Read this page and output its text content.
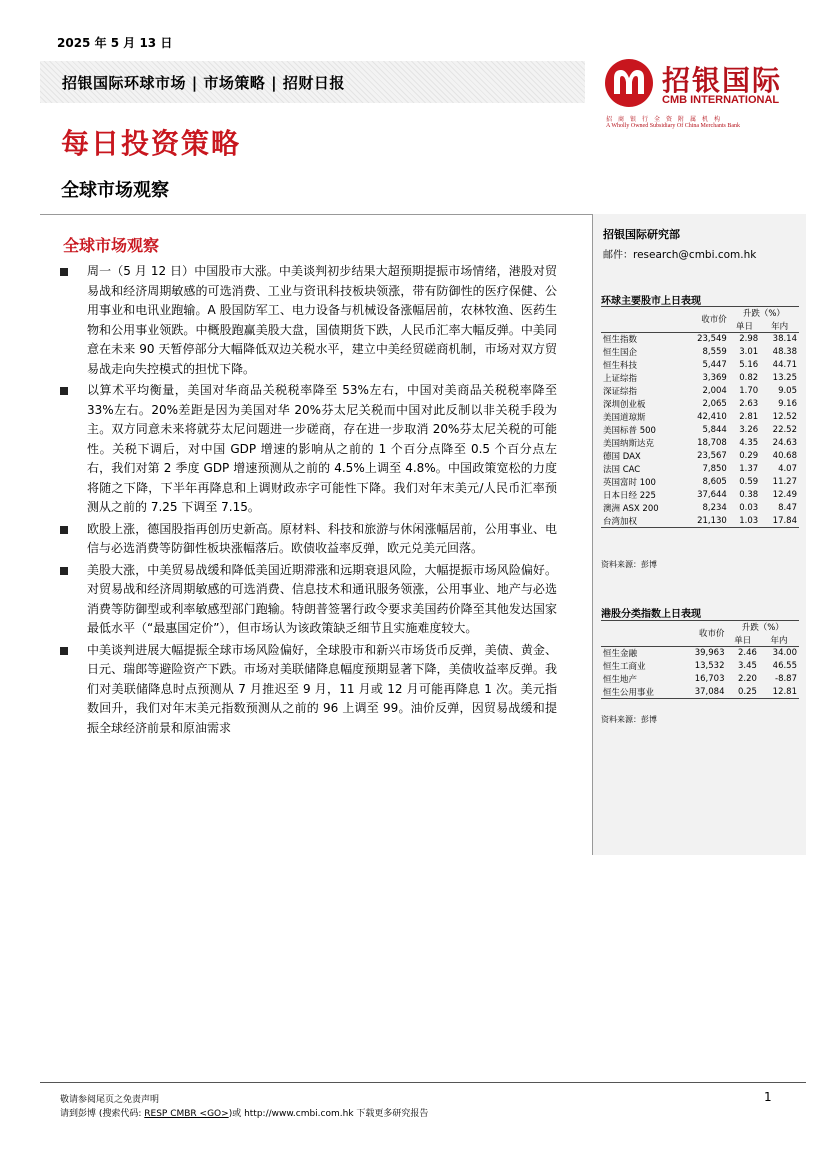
2025 年 5 月 13 日
招银国际环球市场 | 市场策略 | 招财日报	招银国际
CMB INTERNATIONAL
招商银行全资附属机构
A Wholly Owned Subsidiary Of China Merchants Bank
每日投资策略
全球市场观察
全球市场观察
周一（5 月 12 日）中国股市大涨。中美谈判初步结果大超预期提振市场情绪，港股对贸易战和经济周期敏感的可选消费、工业与资讯科技板块领涨，带有防御性的医疗保健、公用事业和电讯业跑输。A 股国防军工、电力设备与机械设备涨幅居前，农林牧渔、医药生物和公用事业领跌。中概股跑赢美股大盘，国债期货下跌，人民币汇率大幅反弹。中美同意在未来 90 天暂停部分大幅降低双边关税水平，建立中美经贸磋商机制，市场对双方贸易战走向失控模式的担忧下降。
以算术平均衡量，美国对华商品关税税率降至 53%左右，中国对美商品关税税率降至 33%左右。20%差距是因为美国对华 20%芬太尼关税而中国对此反制以非关税手段为主。双方同意未来将就芬太尼问题进一步磋商，存在进一步取消 20%芬太尼关税的可能性。关税下调后，对中国 GDP 增速的影响从之前的 1 个百分点降至 0.5 个百分点左右，我们对第 2 季度 GDP 增速预测从之前的 4.5%上调至 4.8%。中国政策宽松的力度将随之下降，下半年再降息和上调财政赤字可能性下降。我们对年末美元/人民币汇率预测从之前的 7.25 下调至 7.15。
欧股上涨，德国股指再创历史新高。原材料、科技和旅游与休闲涨幅居前，公用事业、电信与必选消费等防御性板块涨幅落后。欧债收益率反弹，欧元兑美元回落。
美股大涨，中美贸易战缓和降低美国近期滞涨和远期衰退风险，大幅提振市场风险偏好。对贸易战和经济周期敏感的可选消费、信息技术和通讯服务领涨，公用事业、地产与必选消费等防御型或利率敏感型部门跑输。特朗普签署行政令要求美国药价降至其他发达国家最低水平（“最惠国定价”），但市场认为该政策缺乏细节且实施难度较大。
中美谈判进展大幅提振全球市场风险偏好，全球股市和新兴市场货币反弹，美债、黄金、日元、瑞郎等避险资产下跌。市场对美联储降息幅度预期显著下降，美债收益率反弹。我们对美联储降息时点预测从 7 月推迟至 9 月，11 月或 12 月可能再降息 1 次。美元指数回升，我们对年末美元指数预测从之前的 96 上调至 99。油价反弹，因贸易战缓和提振全球经济前景和原油需求
招银国际研究部
邮件：research@cmbi.com.hk
环球主要股市上日表现
		升跌（%）	
	收市价	单日	年内
恒生指数	23,549	2.98	38.14
恒生国企	8,559	3.01	48.38
恒生科技	5,447	5.16	44.71
上证综指	3,369	0.82	13.25
深证综指	2,004	1.70	9.05
深圳创业板	2,065	2.63	9.16
美国道琼斯	42,410	2.81	12.52
美国标普 500	5,844	3.26	22.52
美国纳斯达克	18,708	4.35	24.63
德国 DAX	23,567	0.29	40.68
法国 CAC	7,850	1.37	4.07
英国富时 100	8,605	0.59	11.27
日本日经 225	37,644	0.38	12.49
澳洲 ASX 200	8,234	0.03	8.47
台湾加权	21,130	1.03	17.84
资料来源：彭博
港股分类指数上日表现
		升跌（%）	
	收市价	单日	年内
恒生金融	39,963	2.46	34.00
恒生工商业	13,532	3.45	46.55
恒生地产	16,703	2.20	-8.87
恒生公用事业	37,084	0.25	12.81
资料来源：彭博
敬请参阅尾页之免责声明
请到彭博 (搜索代码: RESP CMBR <GO>)或 http://www.cmbi.com.hk 下载更多研究报告
1
